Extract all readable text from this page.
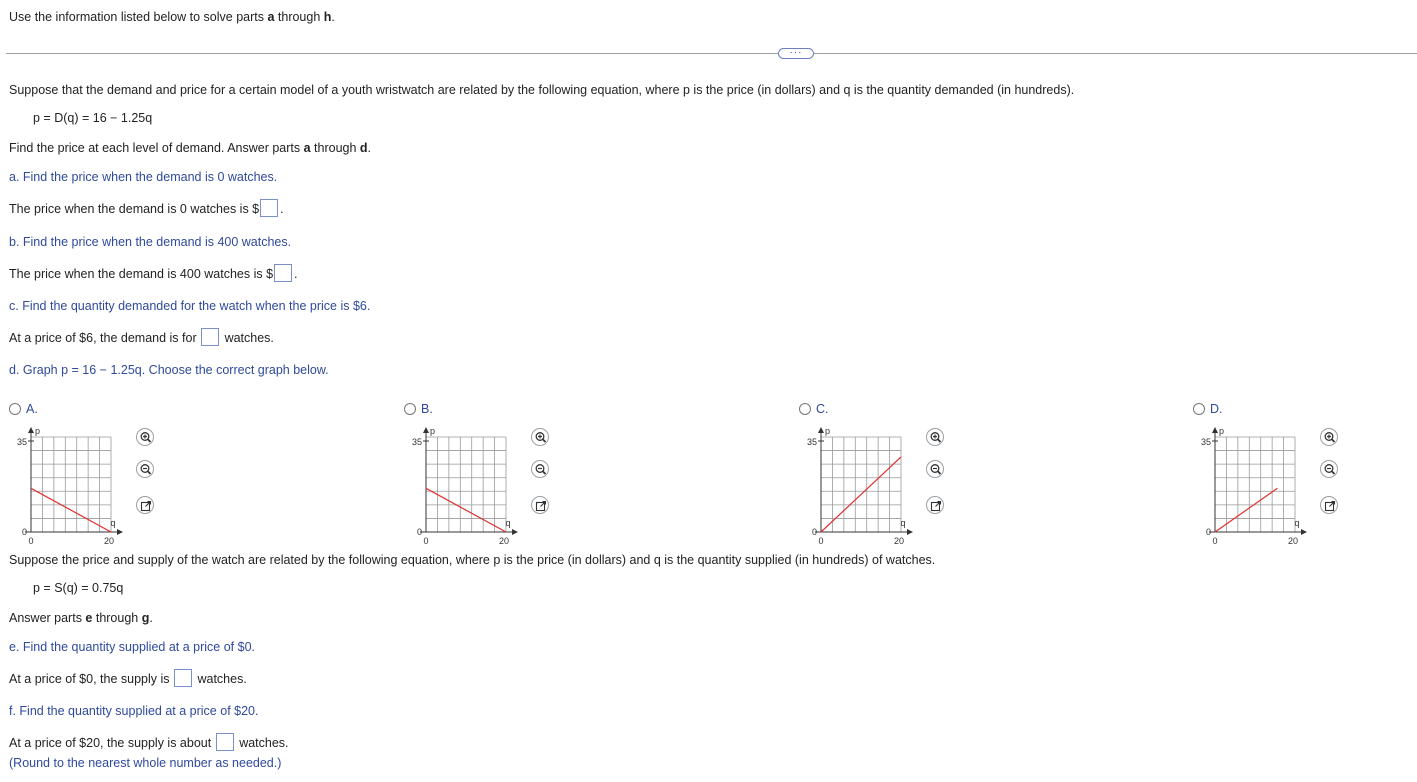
Use the information listed below to solve parts a through h.
···
Suppose that the demand and price for a certain model of a youth wristwatch are related by the following equation, where p is the price (in dollars) and q is the quantity demanded (in hundreds).
p = D(q) = 16 − 1.25q
Find the price at each level of demand. Answer parts a through d.
a. Find the price when the demand is 0 watches.
The price when the demand is 0 watches is $ .
b. Find the price when the demand is 400 watches.
The price when the demand is 400 watches is $ .
c. Find the quantity demanded for the watch when the price is $6.
At a price of $6, the demand is for watches.
d. Graph p = 16 − 1.25q. Choose the correct graph below.
A.
p
35
0
q
0	20
B.
p
35
0
q
0	20
C.
p
35
0
q
0	20
D.
p
35
0
q
0	20
Suppose the price and supply of the watch are related by the following equation, where p is the price (in dollars) and q is the quantity supplied (in hundreds) of watches.
p = S(q) = 0.75q
Answer parts e through g.
e. Find the quantity supplied at a price of $0.
At a price of $0, the supply is watches.
f. Find the quantity supplied at a price of $20.
At a price of $20, the supply is about watches.
(Round to the nearest whole number as needed.)
